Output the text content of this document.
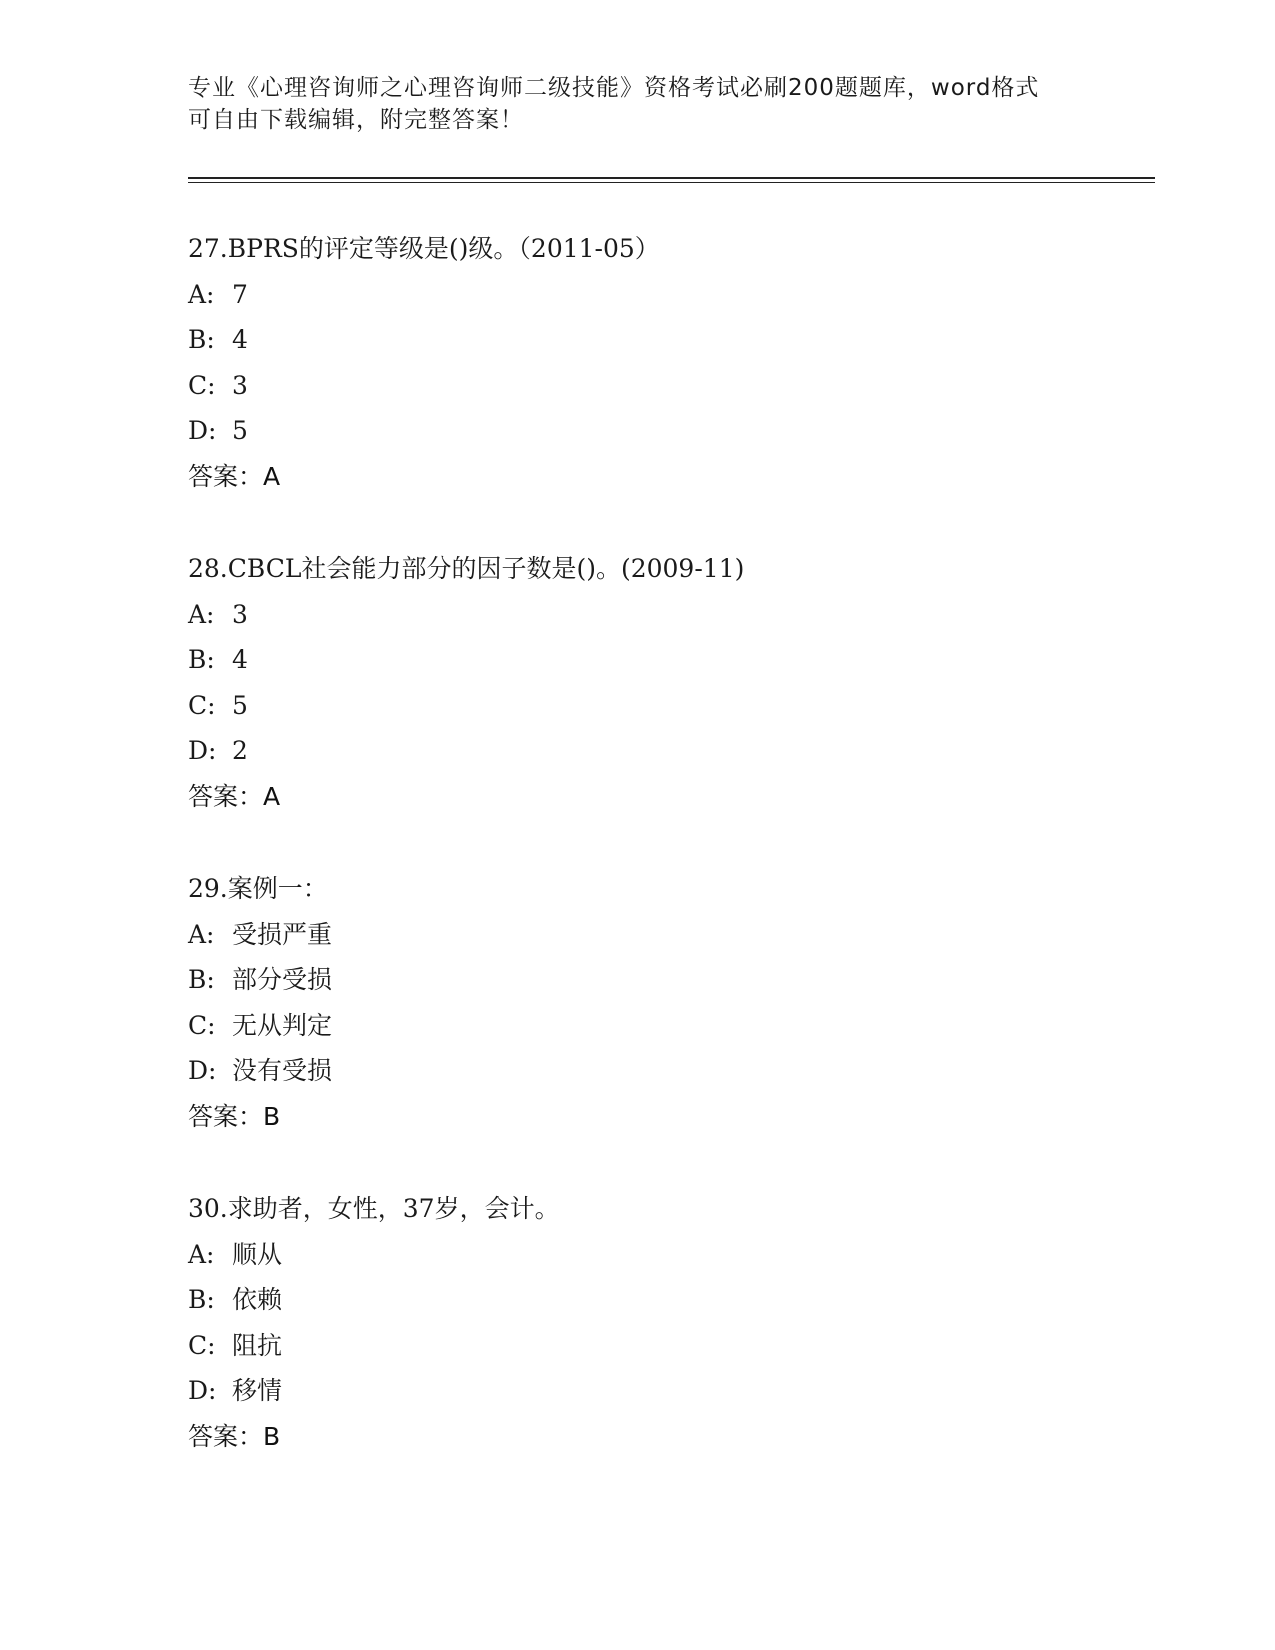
专业《心理咨询师之心理咨询师二级技能》资格考试必刷200题题库，word格式
可自由下载编辑，附完整答案！
27.BPRS的评定等级是()级。（2011-05）
A: 7
B: 4
C: 3
D: 5
答案：A
28.CBCL社会能力部分的因子数是()。(2009-11)
A: 3
B: 4
C: 5
D: 2
答案：A
29.案例一：
A: 受损严重
B: 部分受损
C: 无从判定
D: 没有受损
答案：B
30.求助者，女性，37岁，会计。
A: 顺从
B: 依赖
C: 阻抗
D: 移情
答案：B
